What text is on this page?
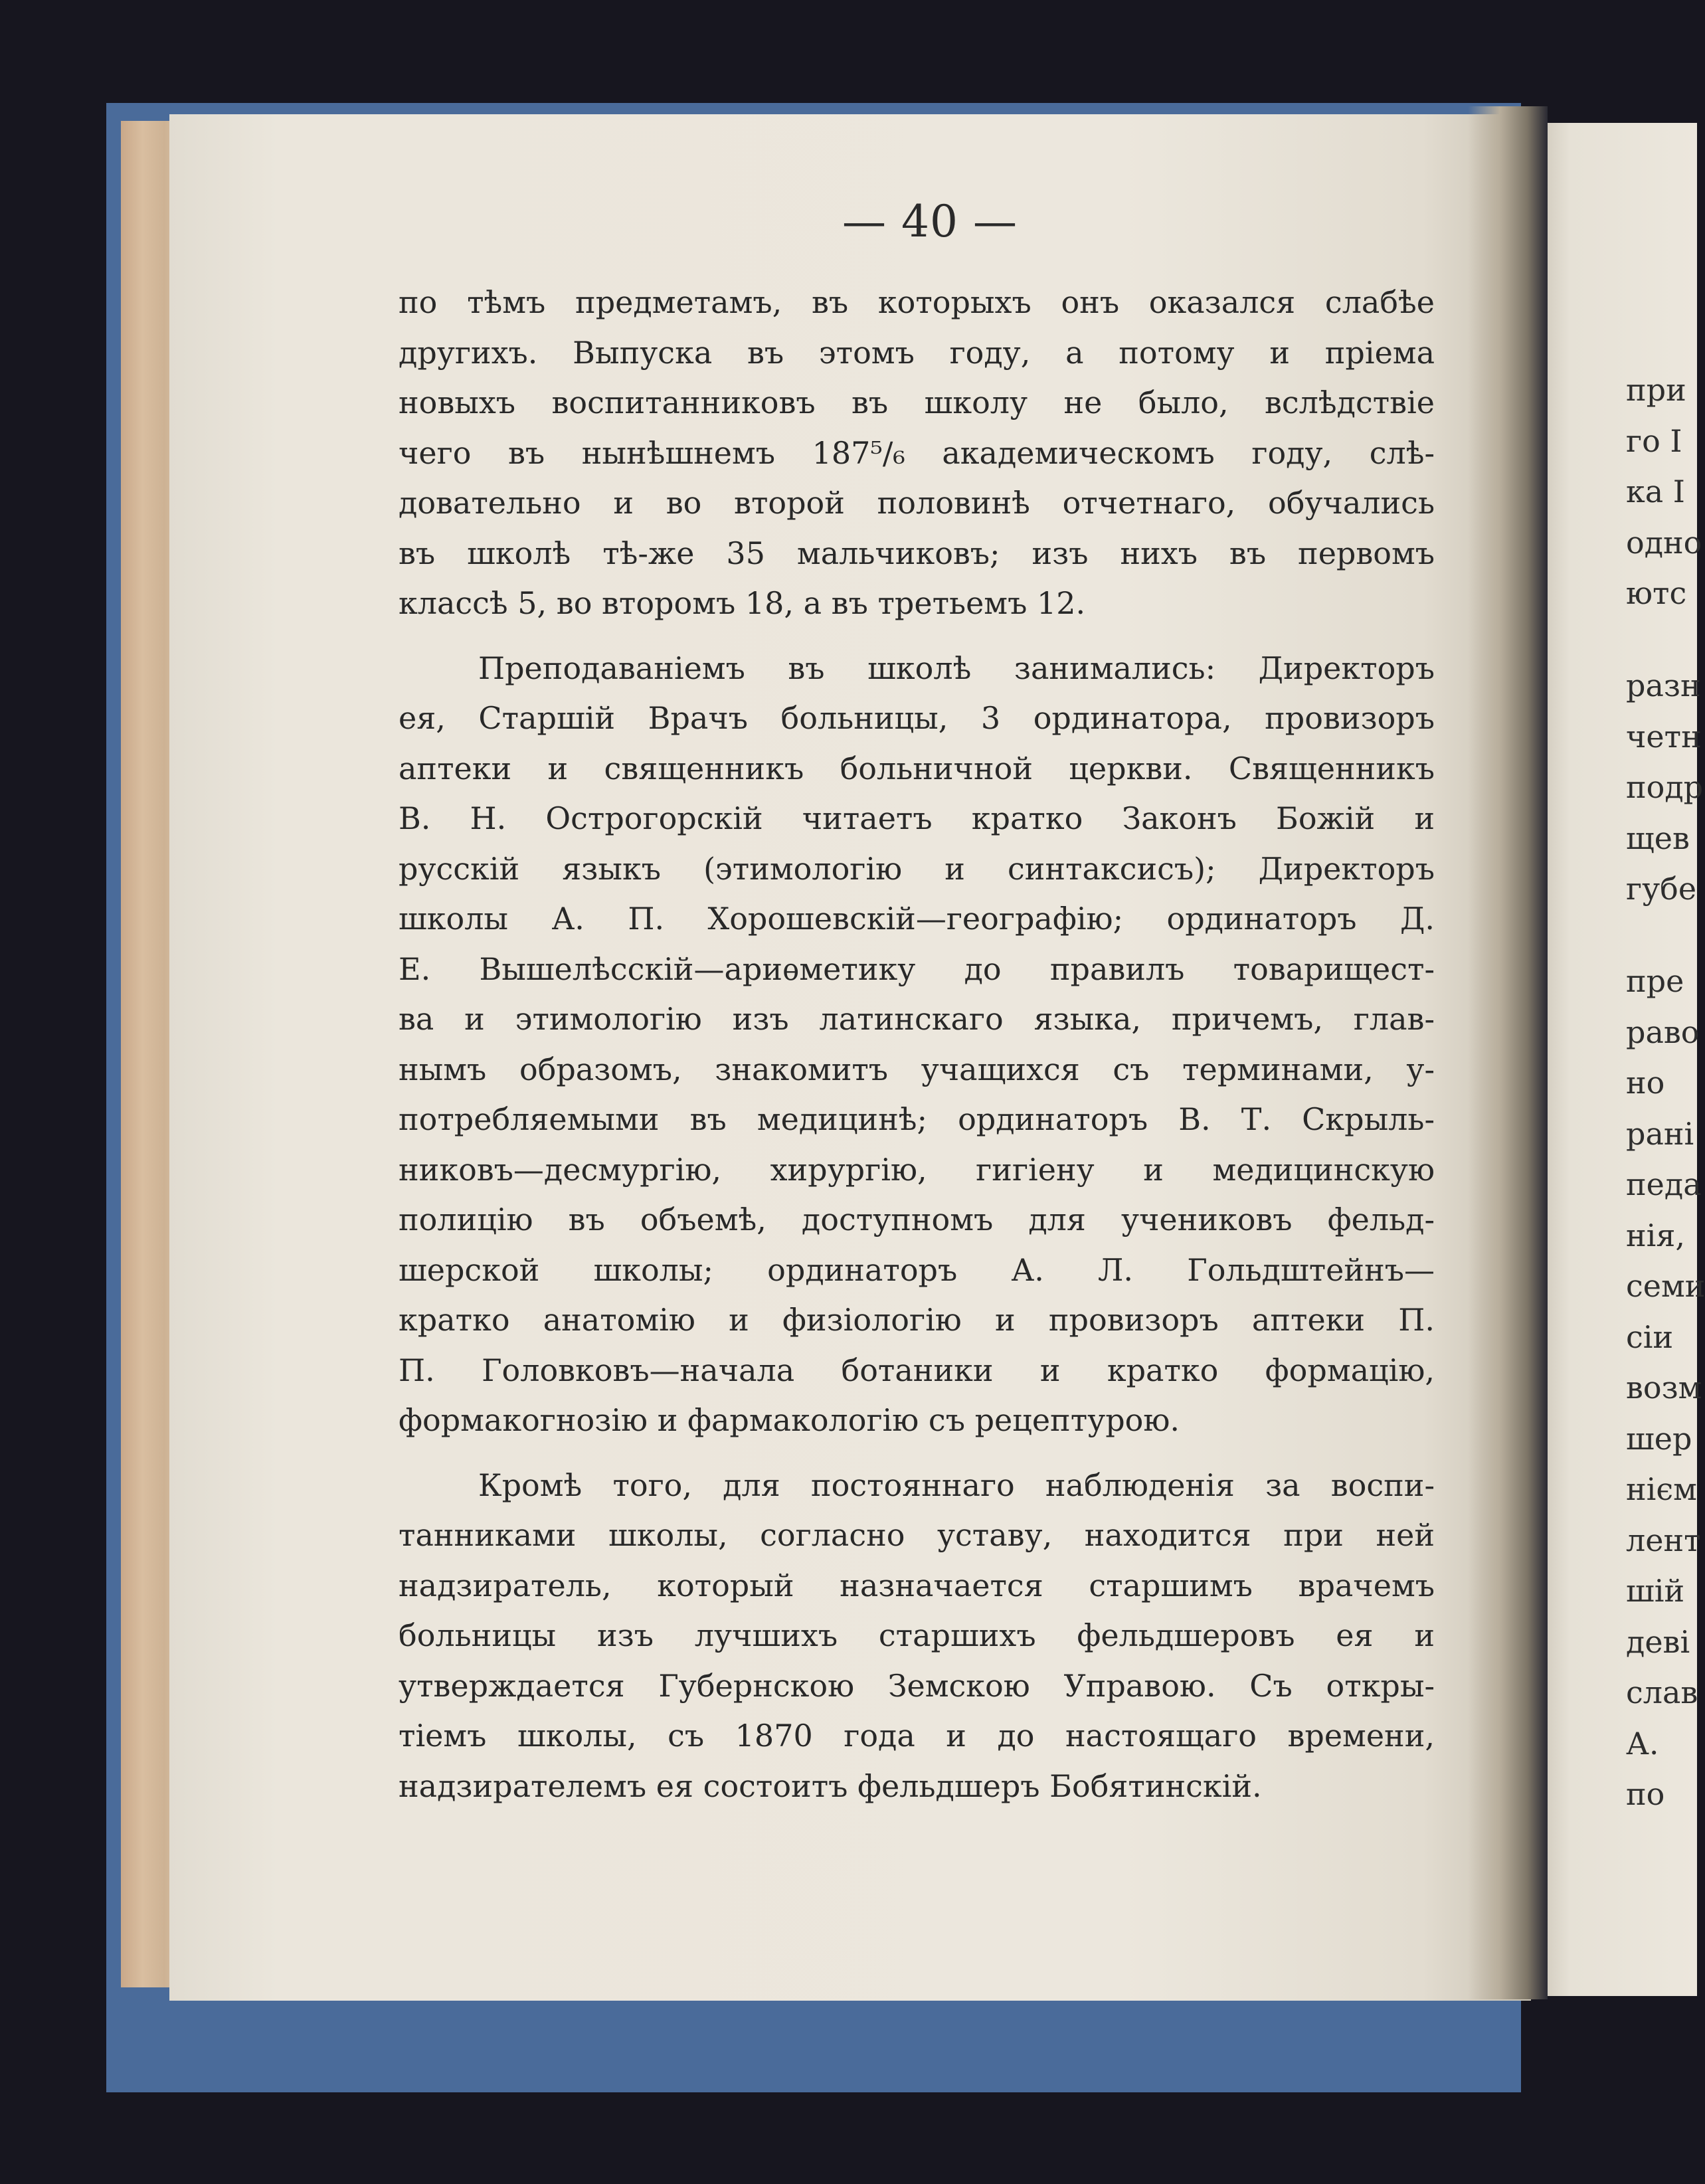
— 40 —
по тѣмъ предметамъ, въ которыхъ онъ оказался слабѣе
другихъ. Выпуска въ этомъ году, а потому и пріема
новыхъ воспитанниковъ въ школу не было, вслѣдствіе
чего въ нынѣшнемъ 187⁵/₆ академическомъ году, слѣ-
довательно и во второй половинѣ отчетнаго, обучались
въ школѣ тѣ-же 35 мальчиковъ; изъ нихъ въ первомъ
классѣ 5, во второмъ 18, а въ третьемъ 12.
Преподаваніемъ въ школѣ занимались: Директоръ
ея, Старшій Врачъ больницы, 3 ординатора, провизоръ
аптеки и священникъ больничной церкви. Священникъ
В. Н. Острогорскій читаетъ кратко Законъ Божій и
русскій языкъ (этимологію и синтаксисъ); Директоръ
школы А. П. Хорошевскій—географію; ординаторъ Д.
Е. Вышелѣсскій—ариѳметику до правилъ товарищест-
ва и этимологію изъ латинскаго языка, причемъ, глав-
нымъ образомъ, знакомитъ учащихся съ терминами, у-
потребляемыми въ медицинѣ; ординаторъ В. Т. Скрыль-
никовъ—десмургію, хирургію, гигіену и медицинскую
полицію въ объемѣ, доступномъ для учениковъ фельд-
шерской школы; ординаторъ А. Л. Гольдштейнъ—
кратко анатомію и физіологію и провизоръ аптеки П.
П. Головковъ—начала ботаники и кратко формацію,
формакогнозію и фармакологію съ рецептурою.
Кромѣ того, для постояннаго наблюденія за воспи-
танниками школы, согласно уставу, находится при ней
надзиратель, который назначается старшимъ врачемъ
больницы изъ лучшихъ старшихъ фельдшеровъ ея и
утверждается Губернскою Земскою Управою. Съ откры-
тіемъ школы, съ 1870 года и до настоящаго времени,
надзирателемъ ея состоитъ фельдшеръ Бобятинскій.
при
го I
ка I
одно
ютс
разн
четн
подр
щев
губе
пре
раво
но
рані
педа
нія,
семи
сіи
возм
шер
нієм
лент
шій
деві
слав
А.
по
